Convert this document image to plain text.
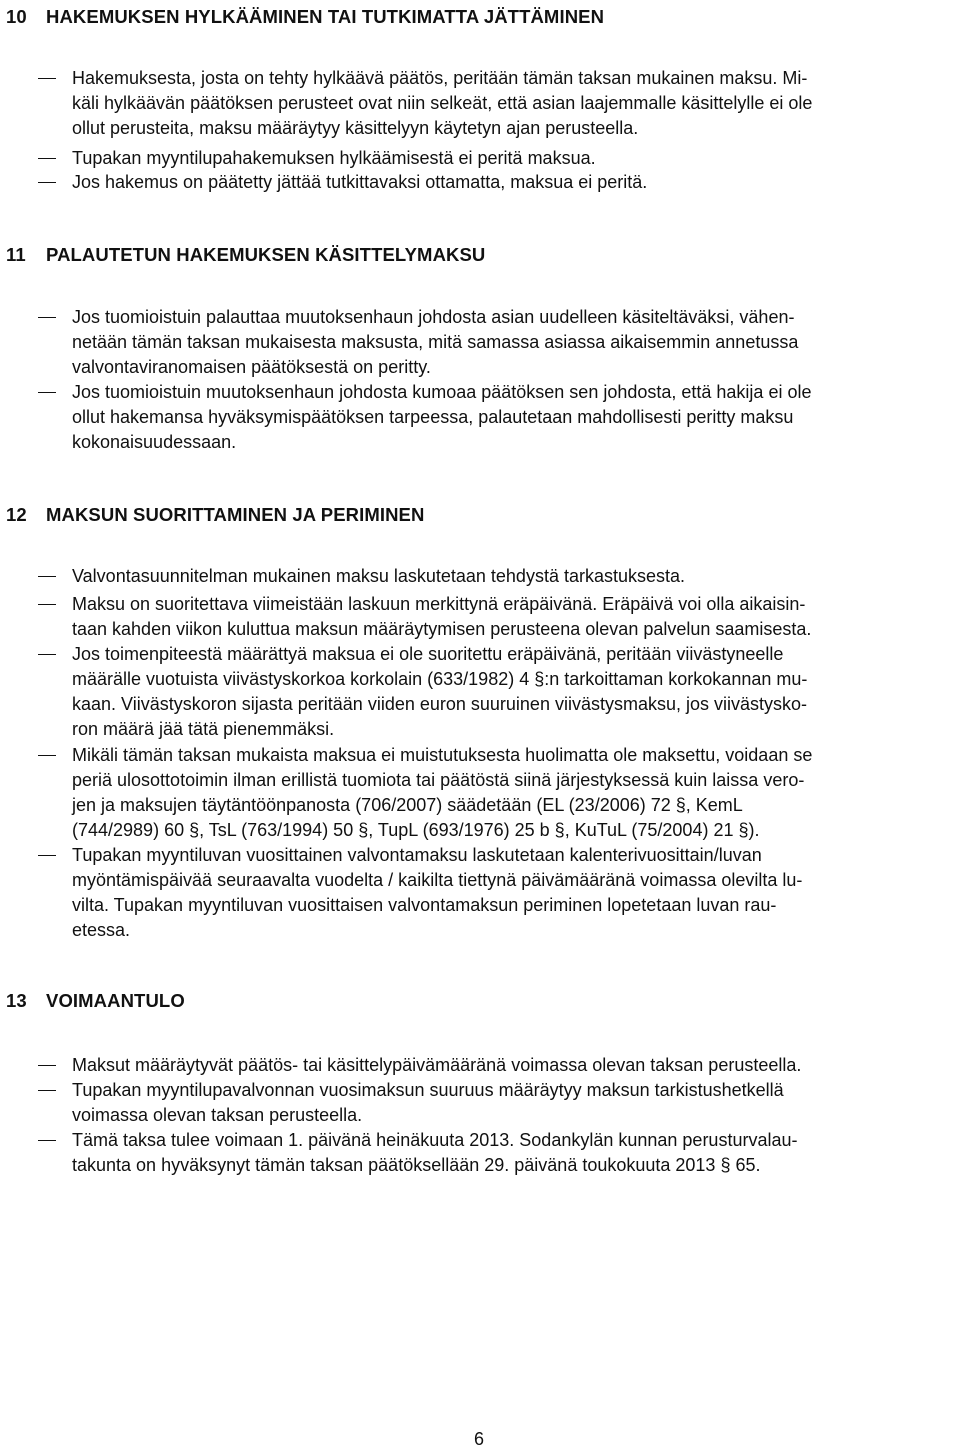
10 HAKEMUKSEN HYLKÄÄMINEN TAI TUTKIMATTA JÄTTÄMINEN
Hakemuksesta, josta on tehty hylkäävä päätös, peritään tämän taksan mukainen maksu. Mi-
käli hylkäävän päätöksen perusteet ovat niin selkeät, että asian laajemmalle käsittelylle ei ole
ollut perusteita, maksu määräytyy käsittelyyn käytetyn ajan perusteella.
Tupakan myyntilupahakemuksen hylkäämisestä ei peritä maksua.
Jos hakemus on päätetty jättää tutkittavaksi ottamatta, maksua ei peritä.
11 PALAUTETUN HAKEMUKSEN KÄSITTELYMAKSU
Jos tuomioistuin palauttaa muutoksenhaun johdosta asian uudelleen käsiteltäväksi, vähen-
netään tämän taksan mukaisesta maksusta, mitä samassa asiassa aikaisemmin annetussa
valvontaviranomaisen päätöksestä on peritty.
Jos tuomioistuin muutoksenhaun johdosta kumoaa päätöksen sen johdosta, että hakija ei ole
ollut hakemansa hyväksymispäätöksen tarpeessa, palautetaan mahdollisesti peritty maksu
kokonaisuudessaan.
12 MAKSUN SUORITTAMINEN JA PERIMINEN
Valvontasuunnitelman mukainen maksu laskutetaan tehdystä tarkastuksesta.
Maksu on suoritettava viimeistään laskuun merkittynä eräpäivänä. Eräpäivä voi olla aikaisin-
taan kahden viikon kuluttua maksun määräytymisen perusteena olevan palvelun saamisesta.
Jos toimenpiteestä määrättyä maksua ei ole suoritettu eräpäivänä, peritään viivästyneelle
määrälle vuotuista viivästyskorkoa korkolain (633/1982) 4 §:n tarkoittaman korkokannan mu-
kaan. Viivästyskoron sijasta peritään viiden euron suuruinen viivästysmaksu, jos viivästysko-
ron määrä jää tätä pienemmäksi.
Mikäli tämän taksan mukaista maksua ei muistutuksesta huolimatta ole maksettu, voidaan se
periä ulosottotoimin ilman erillistä tuomiota tai päätöstä siinä järjestyksessä kuin laissa vero-
jen ja maksujen täytäntöönpanosta (706/2007) säädetään (EL (23/2006) 72 §, KemL
(744/2989) 60 §, TsL (763/1994) 50 §, TupL (693/1976) 25 b §, KuTuL (75/2004) 21 §).
Tupakan myyntiluvan vuosittainen valvontamaksu laskutetaan kalenterivuosittain/luvan
myöntämispäivää seuraavalta vuodelta / kaikilta tiettynä päivämääränä voimassa olevilta lu-
vilta. Tupakan myyntiluvan vuosittaisen valvontamaksun periminen lopetetaan luvan rau-
etessa.
13 VOIMAANTULO
Maksut määräytyvät päätös- tai käsittelypäivämääränä voimassa olevan taksan perusteella.
Tupakan myyntilupavalvonnan vuosimaksun suuruus määräytyy maksun tarkistushetkellä
voimassa olevan taksan perusteella.
Tämä taksa tulee voimaan 1. päivänä heinäkuuta 2013. Sodankylän kunnan perusturvalau-
takunta on hyväksynyt tämän taksan päätöksellään 29. päivänä toukokuuta 2013 § 65.
6
